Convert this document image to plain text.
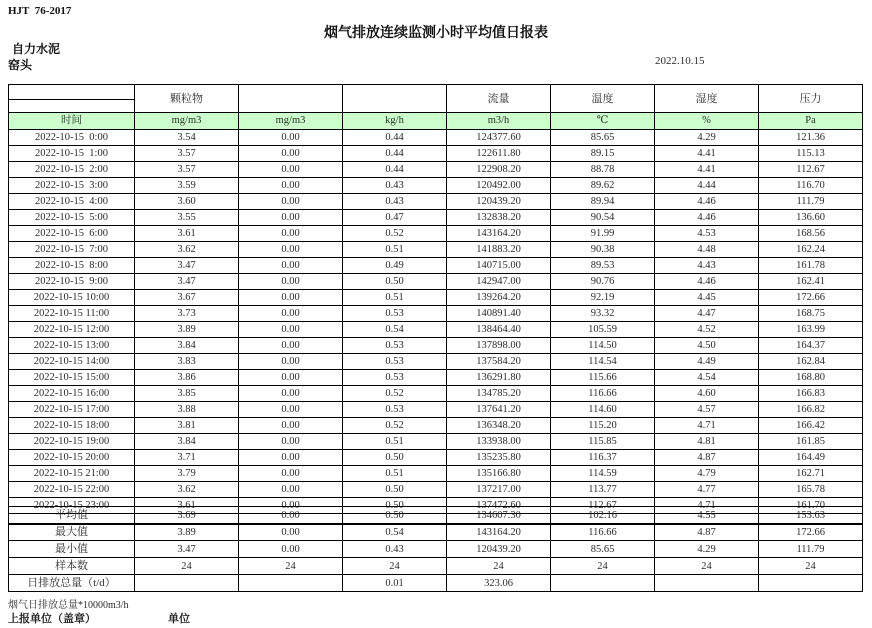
HJT  76-2017
烟气排放连续监测小时平均值日报表
自力水泥
窑头	2022.10.15
	颗粒物			流量	温度	湿度	压力

时间	mg/m3	mg/m3	kg/h	m3/h	℃	%	Pa
2022-10-15  0:00	3.54	0.00	0.44	124377.60	85.65	4.29	121.36
2022-10-15  1:00	3.57	0.00	0.44	122611.80	89.15	4.41	115.13
2022-10-15  2:00	3.57	0.00	0.44	122908.20	88.78	4.41	112.67
2022-10-15  3:00	3.59	0.00	0.43	120492.00	89.62	4.44	116.70
2022-10-15  4:00	3.60	0.00	0.43	120439.20	89.94	4.46	111.79
2022-10-15  5:00	3.55	0.00	0.47	132838.20	90.54	4.46	136.60
2022-10-15  6:00	3.61	0.00	0.52	143164.20	91.99	4.53	168.56
2022-10-15  7:00	3.62	0.00	0.51	141883.20	90.38	4.48	162.24
2022-10-15  8:00	3.47	0.00	0.49	140715.00	89.53	4.43	161.78
2022-10-15  9:00	3.47	0.00	0.50	142947.00	90.76	4.46	162.41
2022-10-15 10:00	3.67	0.00	0.51	139264.20	92.19	4.45	172.66
2022-10-15 11:00	3.73	0.00	0.53	140891.40	93.32	4.47	168.75
2022-10-15 12:00	3.89	0.00	0.54	138464.40	105.59	4.52	163.99
2022-10-15 13:00	3.84	0.00	0.53	137898.00	114.50	4.50	164.37
2022-10-15 14:00	3.83	0.00	0.53	137584.20	114.54	4.49	162.84
2022-10-15 15:00	3.86	0.00	0.53	136291.80	115.66	4.54	168.80
2022-10-15 16:00	3.85	0.00	0.52	134785.20	116.66	4.60	166.83
2022-10-15 17:00	3.88	0.00	0.53	137641.20	114.60	4.57	166.82
2022-10-15 18:00	3.81	0.00	0.52	136348.20	115.20	4.71	166.42
2022-10-15 19:00	3.84	0.00	0.51	133938.00	115.85	4.81	161.85
2022-10-15 20:00	3.71	0.00	0.50	135235.80	116.37	4.87	164.49
2022-10-15 21:00	3.79	0.00	0.51	135166.80	114.59	4.79	162.71
2022-10-15 22:00	3.62	0.00	0.50	137217.00	113.77	4.77	165.78
2022-10-15 23:00	3.61	0.00	0.50	137472.60	112.67	4.71	161.70

平均值	3.69	0.00	0.50	134607.30	102.16	4.55	153.63
最大值	3.89	0.00	0.54	143164.20	116.66	4.87	172.66
最小值	3.47	0.00	0.43	120439.20	85.65	4.29	111.79
样本数	24	24	24	24	24	24	24
日排放总量（t/d）			0.01	323.06			
烟气日排放总量*10000m3/h
上报单位（盖章）	单位
